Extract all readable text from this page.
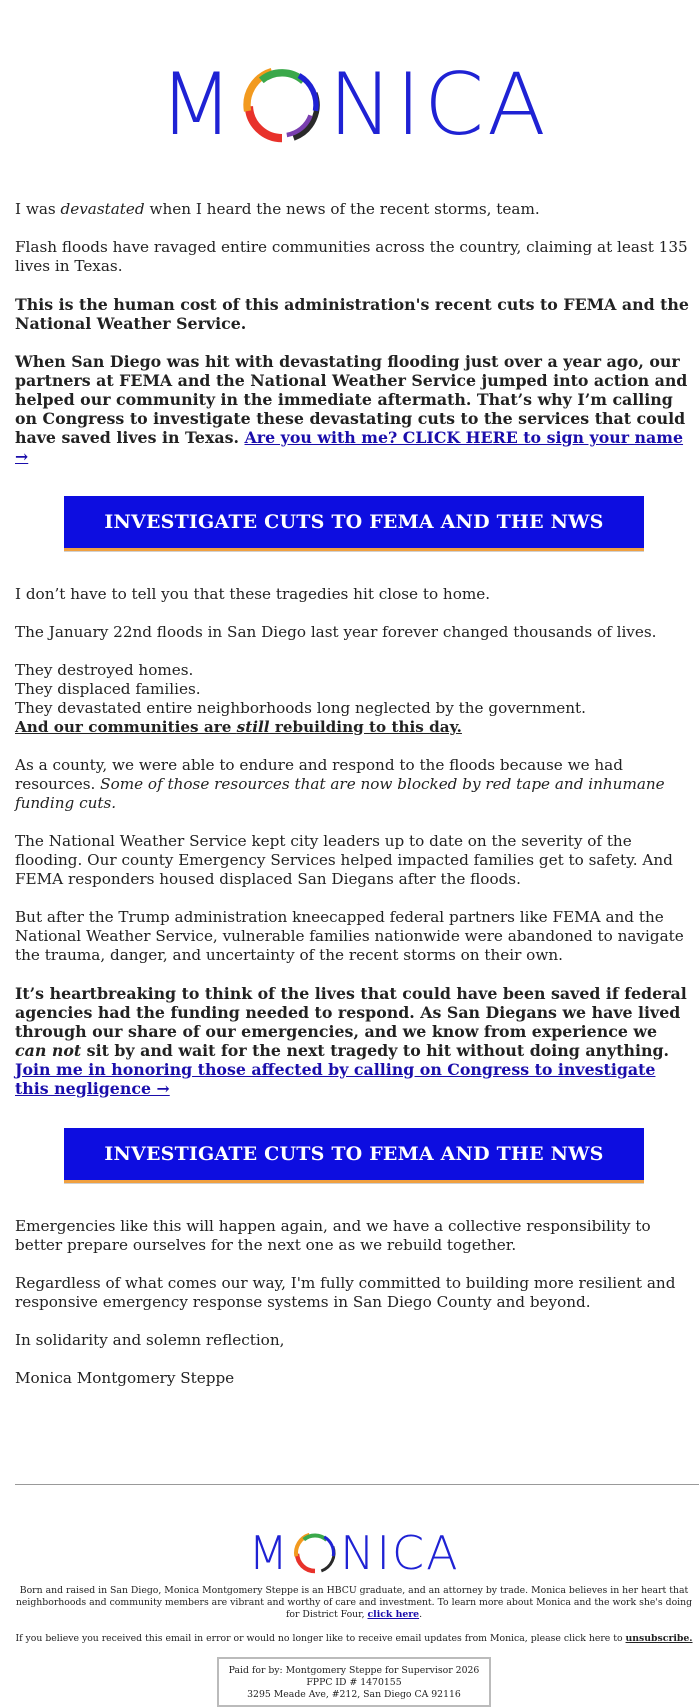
M NICA

I was devastated when I heard the news of the recent storms, team.

Flash floods have ravaged entire communities across the country, claiming at least 135 lives in Texas.

This is the human cost of this administration's recent cuts to FEMA and the National Weather Service.

When San Diego was hit with devastating flooding just over a year ago, our partners at FEMA and the National Weather Service jumped into action and helped our community in the immediate aftermath. That’s why I’m calling on Congress to investigate these devastating cuts to the services that could have saved lives in Texas. Are you with me? CLICK HERE to sign your name →

INVESTIGATE CUTS TO FEMA AND THE NWS

I don’t have to tell you that these tragedies hit close to home.

The January 22nd floods in San Diego last year forever changed thousands of lives.

They destroyed homes.

They displaced families.

They devastated entire neighborhoods long neglected by the government.

And our communities are still rebuilding to this day.

As a county, we were able to endure and respond to the floods because we had resources. Some of those resources that are now blocked by red tape and inhumane funding cuts.

The National Weather Service kept city leaders up to date on the severity of the flooding. Our county Emergency Services helped impacted families get to safety. And FEMA responders housed displaced San Diegans after the floods.

But after the Trump administration kneecapped federal partners like FEMA and the National Weather Service, vulnerable families nationwide were abandoned to navigate the trauma, danger, and uncertainty of the recent storms on their own.

It’s heartbreaking to think of the lives that could have been saved if federal agencies had the funding needed to respond. As San Diegans we have lived through our share of our emergencies, and we know from experience we can not sit by and wait for the next tragedy to hit without doing anything. Join me in honoring those affected by calling on Congress to investigate this negligence →

INVESTIGATE CUTS TO FEMA AND THE NWS

Emergencies like this will happen again, and we have a collective responsibility to better prepare ourselves for the next one as we rebuild together.

Regardless of what comes our way, I'm fully committed to building more resilient and responsive emergency response systems in San Diego County and beyond.

In solidarity and solemn reflection,

Monica Montgomery Steppe

M NICA

Born and raised in San Diego, Monica Montgomery Steppe is an HBCU graduate, and an attorney by trade. Monica believes in her heart that neighborhoods and community members are vibrant and worthy of care and investment. To learn more about Monica and the work she's doing for District Four, click here.

If you believe you received this email in error or would no longer like to receive email updates from Monica, please click here to unsubscribe.

Paid for by: Montgomery Steppe for Supervisor 2026
FPPC ID # 1470155
3295 Meade Ave, #212, San Diego CA 92116
